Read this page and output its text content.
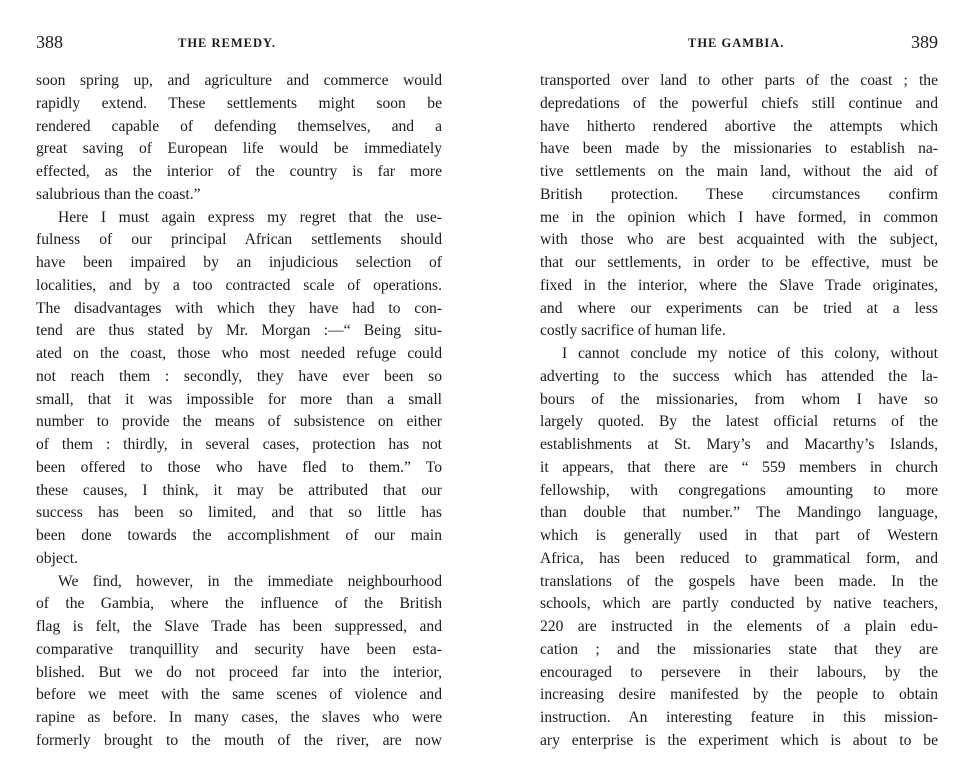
388	THE REMEDY.
soon spring up, and agriculture and commerce would
rapidly extend. These settlements might soon be
rendered capable of defending themselves, and a
great saving of European life would be immediately
effected, as the interior of the country is far more
salubrious than the coast.”
Here I must again express my regret that the use-
fulness of our principal African settlements should
have been impaired by an injudicious selection of
localities, and by a too contracted scale of operations.
The disadvantages with which they have had to con-
tend are thus stated by Mr. Morgan :—“ Being situ-
ated on the coast, those who most needed refuge could
not reach them : secondly, they have ever been so
small, that it was impossible for more than a small
number to provide the means of subsistence on either
of them : thirdly, in several cases, protection has not
been offered to those who have fled to them.” To
these causes, I think, it may be attributed that our
success has been so limited, and that so little has
been done towards the accomplishment of our main
object.
We find, however, in the immediate neighbourhood
of the Gambia, where the influence of the British
flag is felt, the Slave Trade has been suppressed, and
comparative tranquillity and security have been esta-
blished. But we do not proceed far into the interior,
before we meet with the same scenes of violence and
rapine as before. In many cases, the slaves who were
formerly brought to the mouth of the river, are now
THE GAMBIA.	389
transported over land to other parts of the coast ; the
depredations of the powerful chiefs still continue and
have hitherto rendered abortive the attempts which
have been made by the missionaries to establish na-
tive settlements on the main land, without the aid of
British protection. These circumstances confirm
me in the opinion which I have formed, in common
with those who are best acquainted with the subject,
that our settlements, in order to be effective, must be
fixed in the interior, where the Slave Trade originates,
and where our experiments can be tried at a less
costly sacrifice of human life.
I cannot conclude my notice of this colony, without
adverting to the success which has attended the la-
bours of the missionaries, from whom I have so
largely quoted. By the latest official returns of the
establishments at St. Mary’s and Macarthy’s Islands,
it appears, that there are “ 559 members in church
fellowship, with congregations amounting to more
than double that number.” The Mandingo language,
which is generally used in that part of Western
Africa, has been reduced to grammatical form, and
translations of the gospels have been made. In the
schools, which are partly conducted by native teachers,
220 are instructed in the elements of a plain edu-
cation ; and the missionaries state that they are
encouraged to persevere in their labours, by the
increasing desire manifested by the people to obtain
instruction. An interesting feature in this mission-
ary enterprise is the experiment which is about to be
